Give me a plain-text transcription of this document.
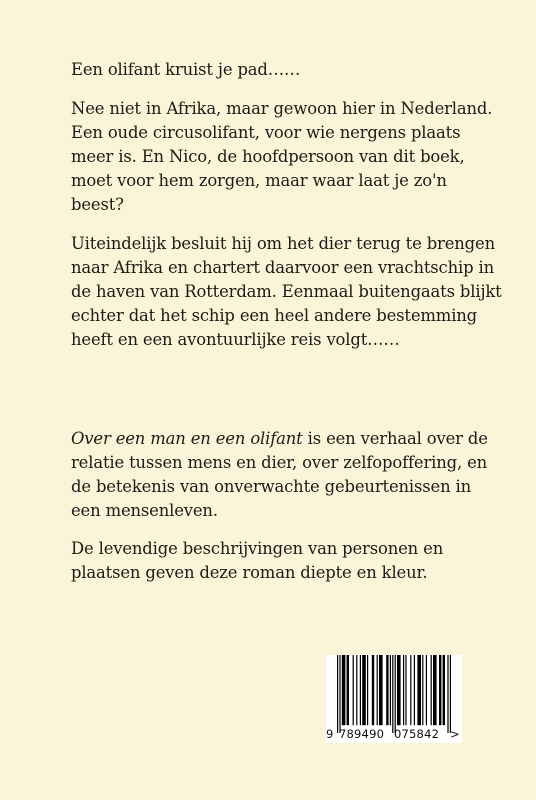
Een olifant kruist je pad……

Nee niet in Afrika, maar gewoon hier in Nederland. Een oude circusolifant, voor wie nergens plaats meer is. En Nico, de hoofdpersoon van dit boek, moet voor hem zorgen, maar waar laat je zo'n beest?

Uiteindelijk besluit hij om het dier terug te brengen naar Afrika en chartert daarvoor een vrachtschip in de haven van Rotterdam. Eenmaal buitengaats blijkt echter dat het schip een heel andere bestemming heeft en een avontuurlijke reis volgt……

Over een man en een olifant is een verhaal over de relatie tussen mens en dier, over zelfopoffering, en de betekenis van onverwachte gebeurtenissen in een mensenleven.

De levendige beschrijvingen van personen en plaatsen geven deze roman diepte en kleur.

9 789490 075842 >
